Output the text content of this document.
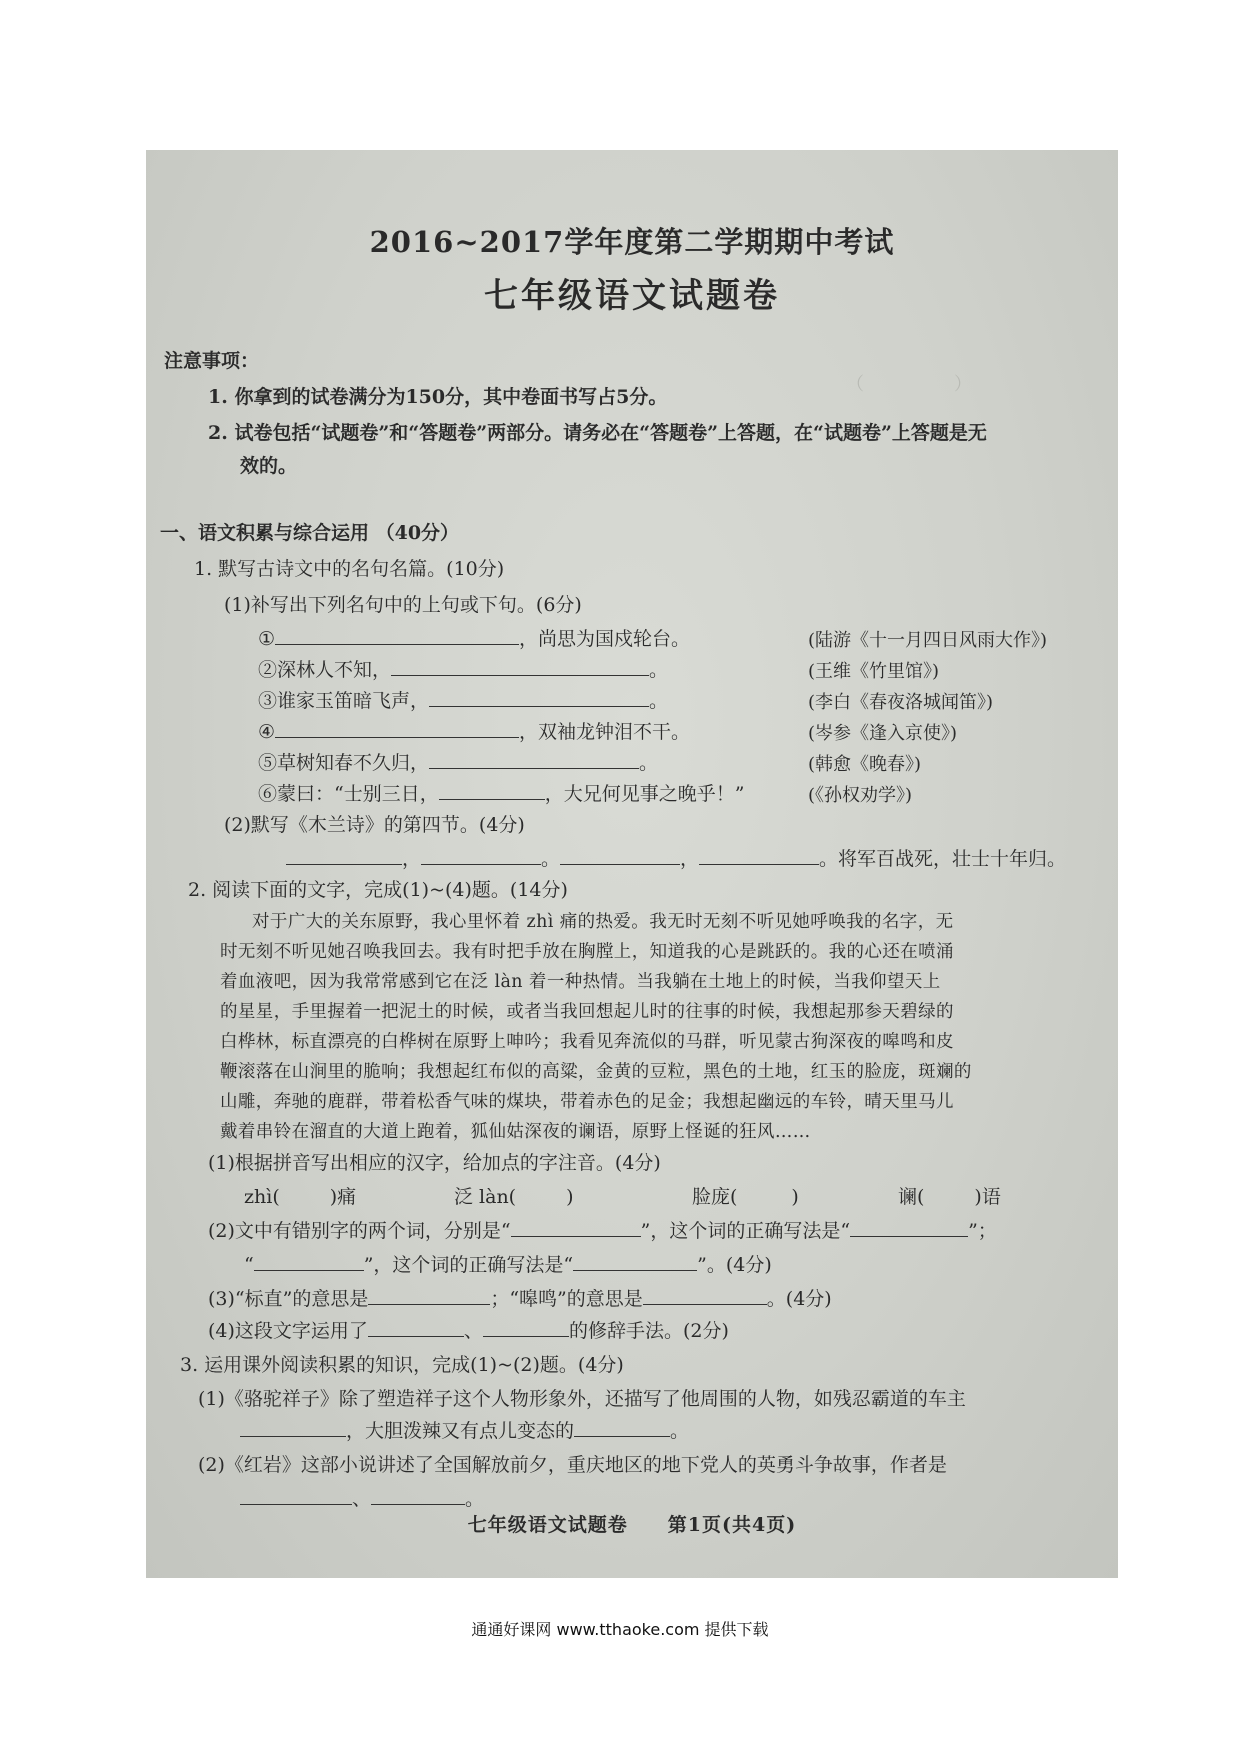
（　　　　　）
2016~2017学年度第二学期期中考试
七年级语文试题卷
注意事项：
1. 你拿到的试卷满分为150分，其中卷面书写占5分。
2. 试卷包括“试题卷”和“答题卷”两部分。请务必在“答题卷”上答题，在“试题卷”上答题是无
效的。
一、语文积累与综合运用 （40分）
1. 默写古诗文中的名句名篇。(10分)
(1)补写出下列名句中的上句或下句。(6分)
①	，尚思为国戍轮台。	(陆游《十一月四日风雨大作》)
②深林人不知，	。	(王维《竹里馆》)
③谁家玉笛暗飞声，	。	(李白《春夜洛城闻笛》)
④	，双袖龙钟泪不干。	(岑参《逢入京使》)
⑤草树知春不久归，	。	(韩愈《晚春》)
⑥蒙曰：“士别三日，	，大兄何见事之晚乎！”	(《孙权劝学》)
(2)默写《木兰诗》的第四节。(4分)
，	。	，	。将军百战死，壮士十年归。
2. 阅读下面的文字，完成(1)~(4)题。(14分)
对于广大的关东原野，我心里怀着 zhì 痛的热爱。我无时无刻不听见她呼唤我的名字，无
时无刻不听见她召唤我回去。我有时把手放在胸膛上，知道我的心是跳跃的。我的心还在喷涌
着血液吧，因为我常常感到它在泛 làn 着一种热情。当我躺在土地上的时候，当我仰望天上
的星星，手里握着一把泥土的时候，或者当我回想起儿时的往事的时候，我想起那参天碧绿的
白桦林，标直漂亮的白桦树在原野上呻吟；我看见奔流似的马群，听见蒙古狗深夜的嗥鸣和皮
鞭滚落在山涧里的脆响；我想起红布似的高粱，金黄的豆粒，黑色的土地，红玉的脸庞，斑斓的
山雕，奔驰的鹿群，带着松香气味的煤块，带着赤色的足金；我想起幽远的车铃，晴天里马儿
戴着串铃在溜直的大道上跑着，狐仙姑深夜的谰语，原野上怪诞的狂风……
(1)根据拼音写出相应的汉字，给加点的字注音。(4分)
zhì(	)痛	泛 làn(	)	脸庞(	)	谰(	)语
(2)文中有错别字的两个词，分别是“	”，这个词的正确写法是“	”；
“	”，这个词的正确写法是“	”。(4分)
(3)“标直”的意思是	；“嗥鸣”的意思是	。(4分)
(4)这段文字运用了	、	的修辞手法。(2分)
3. 运用课外阅读积累的知识，完成(1)~(2)题。(4分)
(1)《骆驼祥子》除了塑造祥子这个人物形象外，还描写了他周围的人物，如残忍霸道的车主
，大胆泼辣又有点儿变态的	。
(2)《红岩》这部小说讲述了全国解放前夕，重庆地区的地下党人的英勇斗争故事，作者是
、	。
七年级语文试题卷　　第1页(共4页)
通通好课网 www.tthaoke.com 提供下载
